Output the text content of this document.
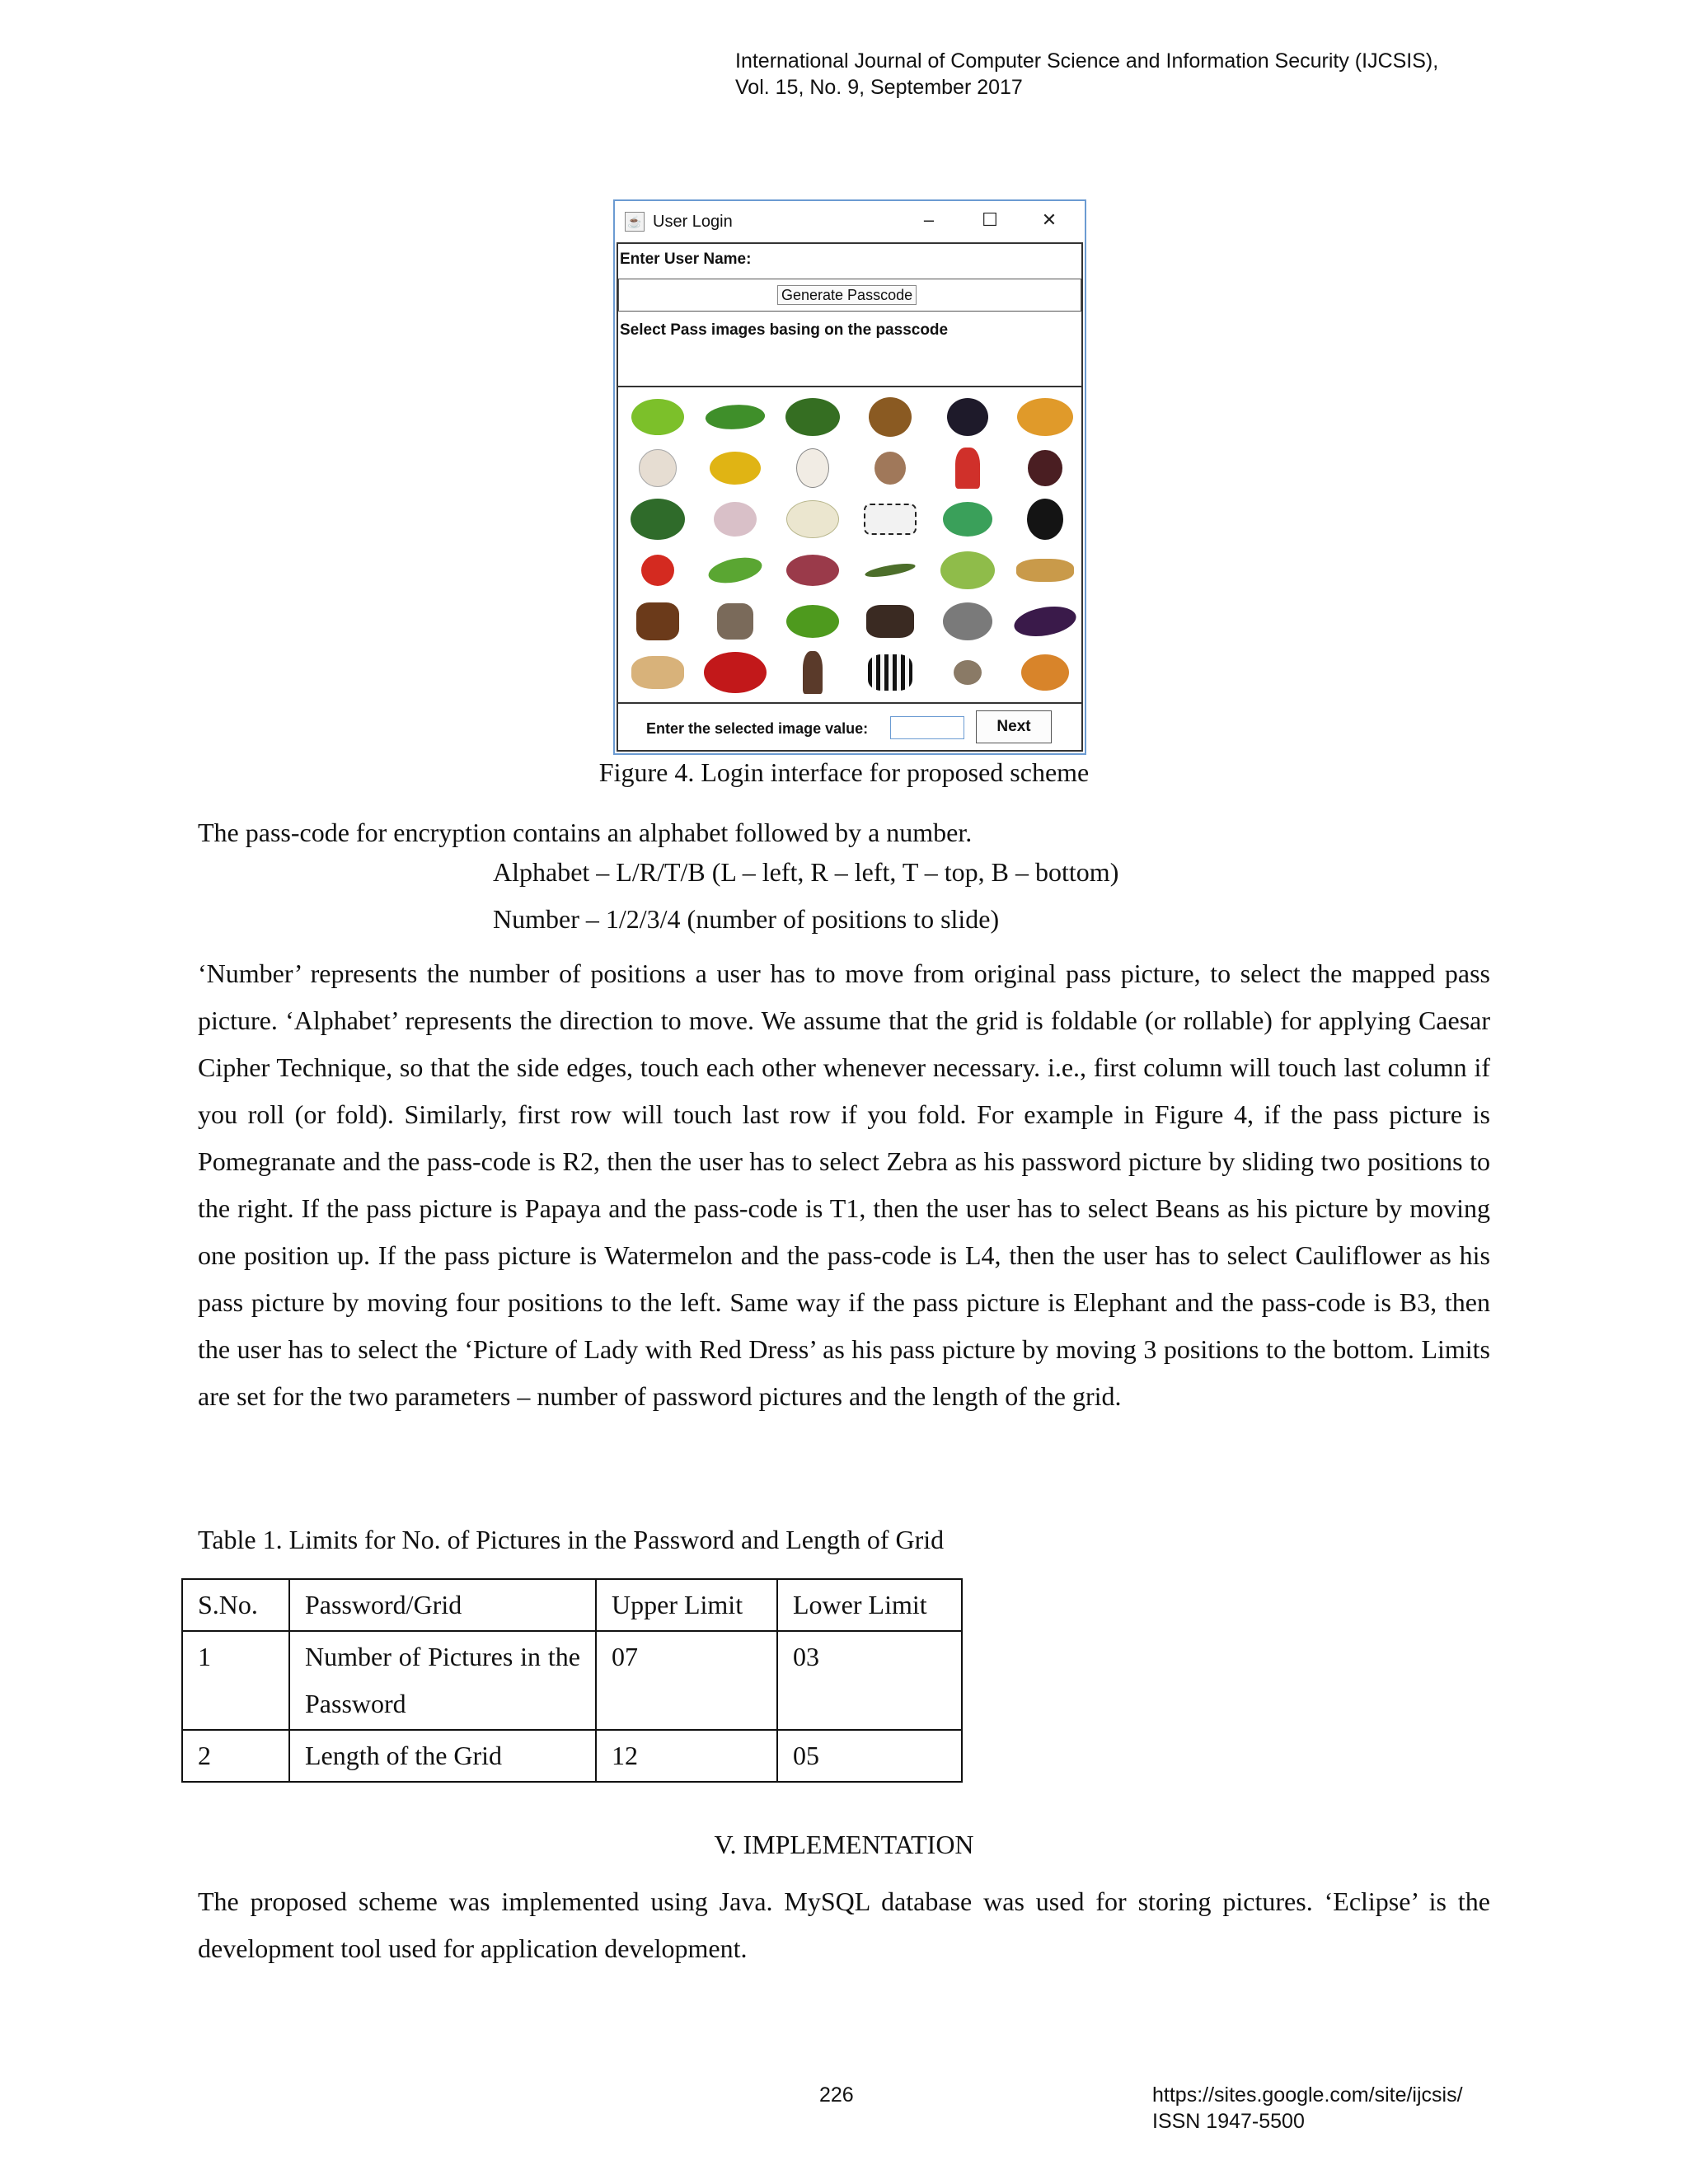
International Journal of Computer Science and Information Security (IJCSIS),
Vol. 15, No. 9, September 2017
☕ User Login	–	☐ ✕
Enter User Name:
Generate Passcode
Select Pass images basing on the passcode
Enter the selected image value:	Next
Figure 4. Login interface for proposed scheme
The pass-code for encryption contains an alphabet followed by a number.
Alphabet – L/R/T/B (L – left, R – left, T – top, B – bottom)
Number – 1/2/3/4 (number of positions to slide)
‘Number’ represents the number of positions a user has to move from original pass picture, to select the mapped pass picture. ‘Alphabet’ represents the direction to move. We assume that the grid is foldable (or rollable) for applying Caesar Cipher Technique, so that the side edges, touch each other whenever necessary. i.e., first column will touch last column if you roll (or fold). Similarly, first row will touch last row if you fold. For example in Figure 4, if the pass picture is Pomegranate and the pass-code is R2, then the user has to select Zebra as his password picture by sliding two positions to the right. If the pass picture is Papaya and the pass-code is T1, then the user has to select Beans as his picture by moving one position up. If the pass picture is Watermelon and the pass-code is L4, then the user has to select Cauliflower as his pass picture by moving four positions to the left. Same way if the pass picture is Elephant and the pass-code is B3, then the user has to select the ‘Picture of Lady with Red Dress’ as his pass picture by moving 3 positions to the bottom. Limits are set for the two parameters – number of password pictures and the length of the grid.
Table 1. Limits for No. of Pictures in the Password and Length of Grid
S.No.	Password/Grid	Upper Limit	Lower Limit
1	Number of Pictures in the Password	07	03
2	Length of the Grid	12	05
V. IMPLEMENTATION
The proposed scheme was implemented using Java. MySQL database was used for storing pictures. ‘Eclipse’ is the development tool used for application development.
226	https://sites.google.com/site/ijcsis/
ISSN 1947-5500
